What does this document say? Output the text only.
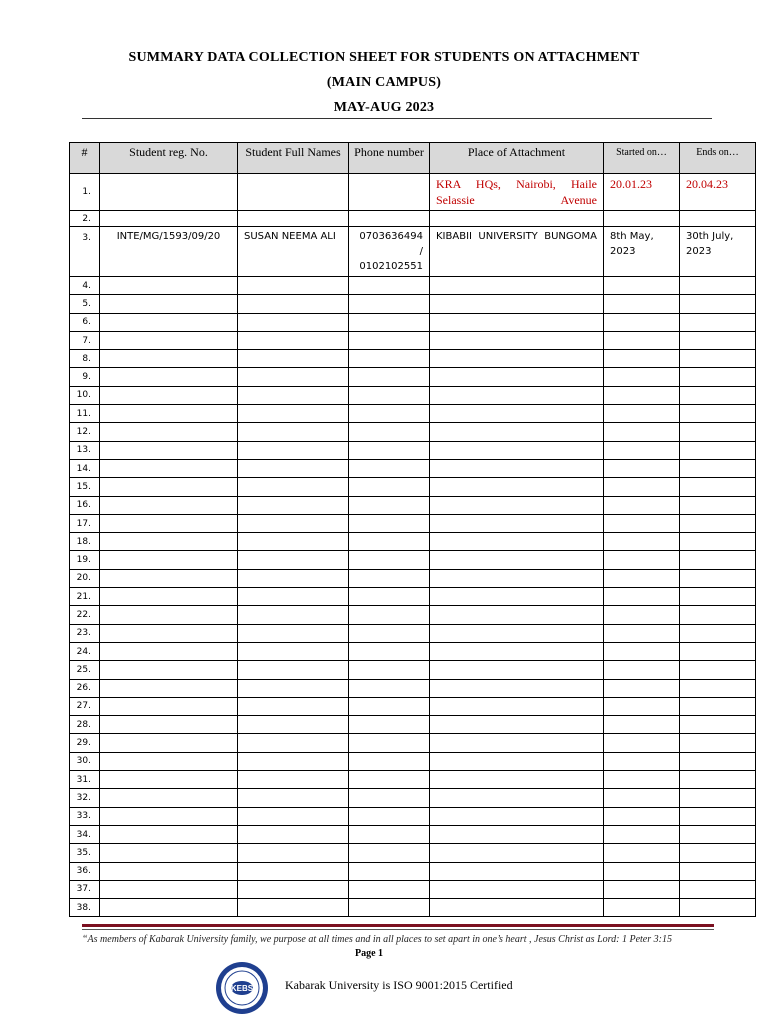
SUMMARY DATA COLLECTION SHEET FOR STUDENTS ON ATTACHMENT
(MAIN CAMPUS)
MAY-AUG 2023
#	Student reg. No.	Student Full Names	Phone number	Place of Attachment	Started on…	Ends on…
1.				KRA HQs, Nairobi, Haile Selassie Avenue	20.01.23	20.04.23
2.						
3.	INTE/MG/1593/09/20	SUSAN NEEMA ALI	0703636494 / 0102102551	KIBABII UNIVERSITY BUNGOMA	8th May, 2023	30th July, 2023
4.						
5.						
6.						
7.						
8.						
9.						
10.						
11.						
12.						
13.						
14.						
15.						
16.						
17.						
18.						
19.						
20.						
21.						
22.						
23.						
24.						
25.						
26.						
27.						
28.						
29.						
30.						
31.						
32.						
33.						
34.						
35.						
36.						
37.						
38.						
“As members of Kabarak University family, we purpose at all times and in all places to set apart in one’s heart , Jesus Christ as Lord: 1 Peter 3:15
Page 1
KEBS	Kabarak University is ISO 9001:2015 Certified
